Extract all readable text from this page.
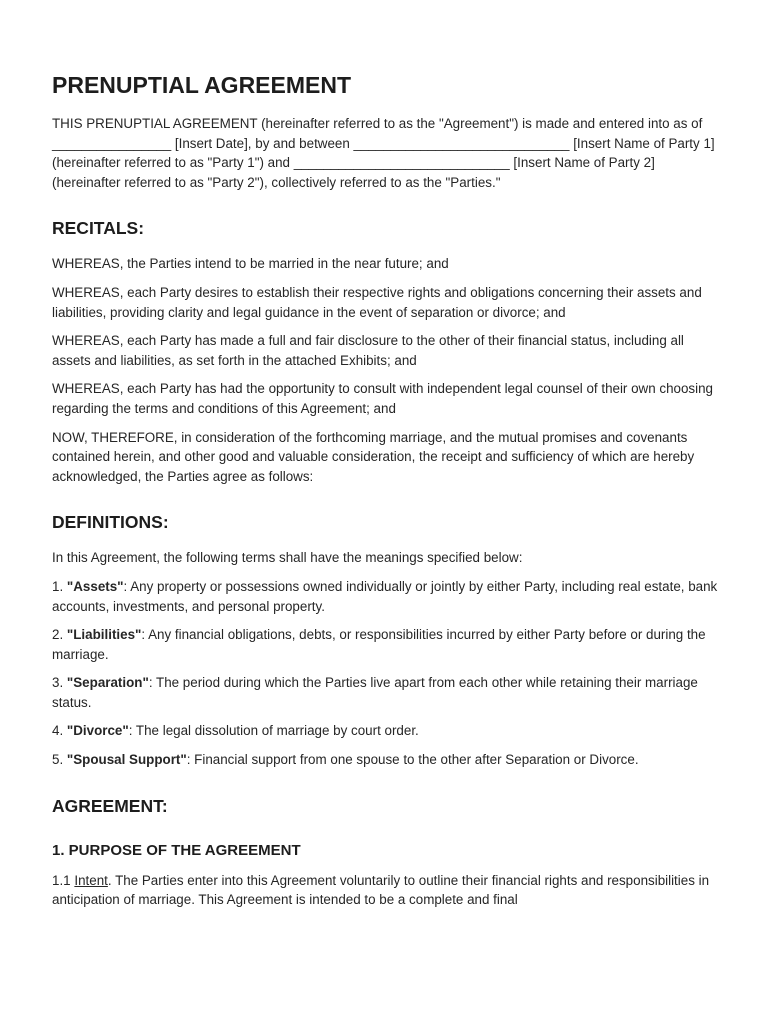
PRENUPTIAL AGREEMENT

THIS PRENUPTIAL AGREEMENT (hereinafter referred to as the "Agreement") is made and entered into as of ________________ [Insert Date], by and between _____________________________ [Insert Name of Party 1] (hereinafter referred to as "Party 1") and _____________________________ [Insert Name of Party 2] (hereinafter referred to as "Party 2"), collectively referred to as the "Parties."

RECITALS:

WHEREAS, the Parties intend to be married in the near future; and

WHEREAS, each Party desires to establish their respective rights and obligations concerning their assets and liabilities, providing clarity and legal guidance in the event of separation or divorce; and

WHEREAS, each Party has made a full and fair disclosure to the other of their financial status, including all assets and liabilities, as set forth in the attached Exhibits; and

WHEREAS, each Party has had the opportunity to consult with independent legal counsel of their own choosing regarding the terms and conditions of this Agreement; and

NOW, THEREFORE, in consideration of the forthcoming marriage, and the mutual promises and covenants contained herein, and other good and valuable consideration, the receipt and sufficiency of which are hereby acknowledged, the Parties agree as follows:

DEFINITIONS:

In this Agreement, the following terms shall have the meanings specified below:

1. "Assets": Any property or possessions owned individually or jointly by either Party, including real estate, bank accounts, investments, and personal property.

2. "Liabilities": Any financial obligations, debts, or responsibilities incurred by either Party before or during the marriage.

3. "Separation": The period during which the Parties live apart from each other while retaining their marriage status.

4. "Divorce": The legal dissolution of marriage by court order.

5. "Spousal Support": Financial support from one spouse to the other after Separation or Divorce.

AGREEMENT:
1. PURPOSE OF THE AGREEMENT

1.1 Intent. The Parties enter into this Agreement voluntarily to outline their financial rights and responsibilities in anticipation of marriage. This Agreement is intended to be a complete and final
